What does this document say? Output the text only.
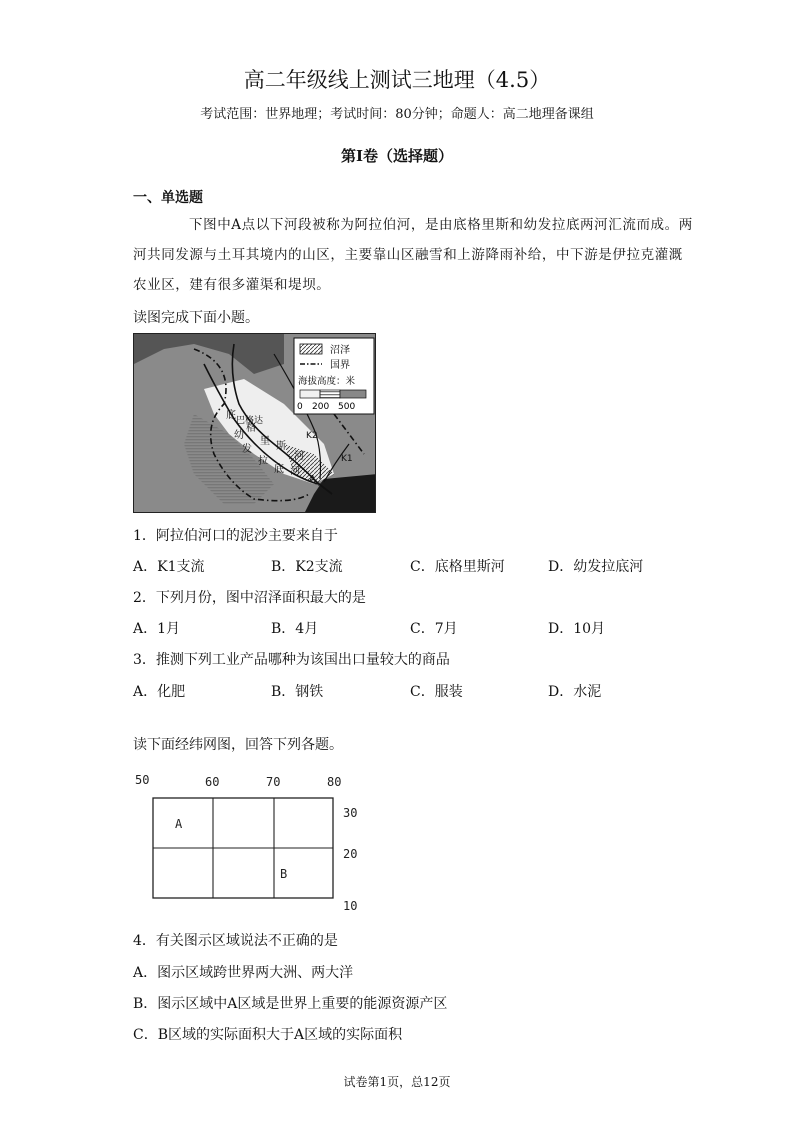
高二年级线上测试三地理（4.5）
考试范围：世界地理；考试时间：80分钟；命题人：高二地理备课组
第I卷（选择题）
一、单选题
下图中A点以下河段被称为阿拉伯河，是由底格里斯和幼发拉底两河汇流而成。两河共同发源与土耳其境内的山区，主要靠山区融雪和上游降雨补给，中下游是伊拉克灌溉农业区，建有很多灌渠和堤坝。
读图完成下面小题。
沼泽
国界
海拔高度：米
0 200 500
底
格
里 斯
河
巴格达
幼
发
拉
底 河
K1
K2
A
1．阿拉伯河口的泥沙主要来自于
A．K1支流	B．K2支流	C．底格里斯河	D．幼发拉底河
2．下列月份，图中沼泽面积最大的是
A．1月	B．4月	C．7月	D．10月
3．推测下列工业产品哪种为该国出口量较大的商品
A．化肥	B．钢铁	C．服装	D．水泥
读下面经纬网图，回答下列各题。
50	60	70	80
30
20
10
A
B
4．有关图示区域说法不正确的是
A．图示区域跨世界两大洲、两大洋
B．图示区域中A区域是世界上重要的能源资源产区
C．B区域的实际面积大于A区域的实际面积
试卷第1页，总12页
